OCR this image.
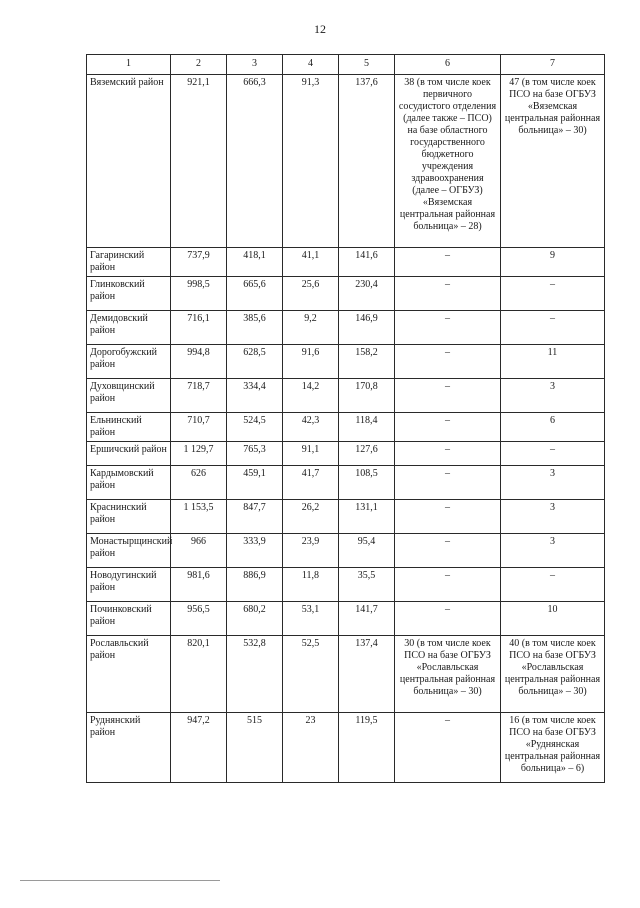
12
1	2	3	4	5	6	7
Вяземский район	921,1	666,3	91,3	137,6	38 (в том числе коек первичного сосудистого отделения (далее также – ПСО) на базе областного государственного бюджетного учреждения здравоохранения (далее – ОГБУЗ) «Вяземская центральная районная больница» – 28)	47 (в том числе коек ПСО на базе ОГБУЗ «Вяземская центральная районная больница» – 30)
Гагаринский район	737,9	418,1	41,1	141,6	–	9
Глинковский район	998,5	665,6	25,6	230,4	–	–
Демидовский район	716,1	385,6	9,2	146,9	–	–
Дорогобужский район	994,8	628,5	91,6	158,2	–	11
Духовщинский район	718,7	334,4	14,2	170,8	–	3
Ельнинский район	710,7	524,5	42,3	118,4	–	6
Ершичский район	1 129,7	765,3	91,1	127,6	–	–
Кардымовский район	626	459,1	41,7	108,5	–	3
Краснинский район	1 153,5	847,7	26,2	131,1	–	3
Монастырщинский район	966	333,9	23,9	95,4	–	3
Новодугинский район	981,6	886,9	11,8	35,5	–	–
Починковский район	956,5	680,2	53,1	141,7	–	10
Рославльский район	820,1	532,8	52,5	137,4	30 (в том числе коек ПСО на базе ОГБУЗ «Рославльская центральная районная больница» – 30)	40 (в том числе коек ПСО на базе ОГБУЗ «Рославльская центральная районная больница» – 30)
Руднянский район	947,2	515	23	119,5	–	16 (в том числе коек ПСО на базе ОГБУЗ «Руднянская центральная районная больница» – 6)
